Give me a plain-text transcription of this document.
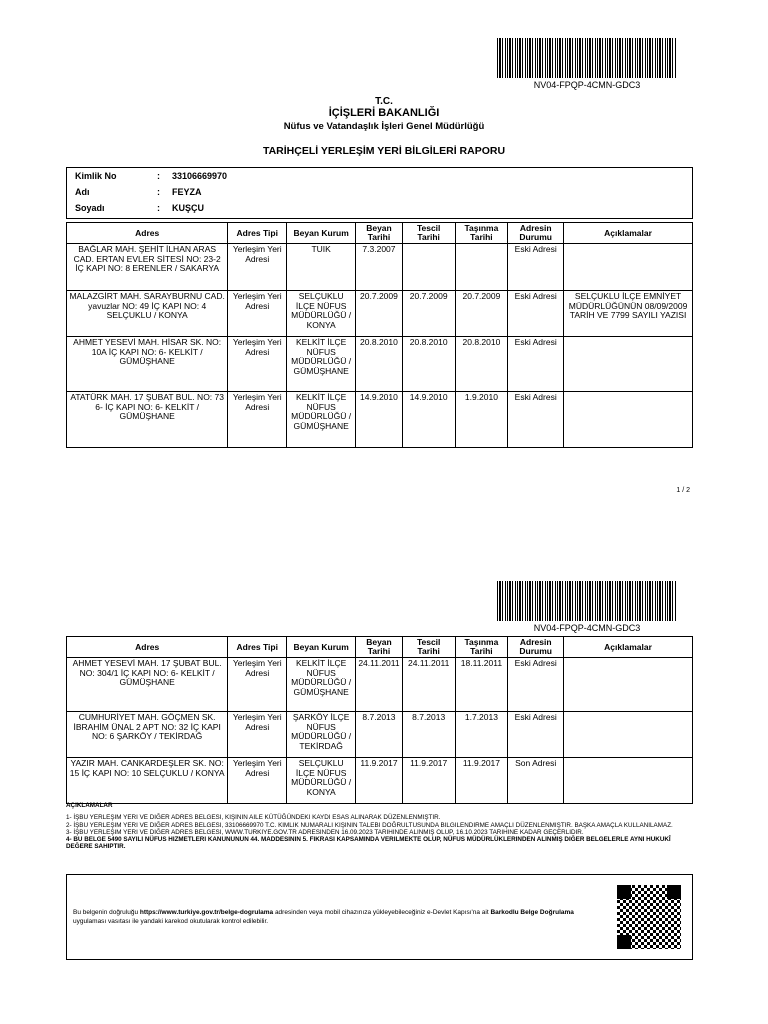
NV04-FPQP-4CMN-GDC3
T.C.
İÇİŞLERİ BAKANLIĞI
Nüfus ve Vatandaşlık İşleri Genel Müdürlüğü
TARİHÇELİ YERLEŞİM YERİ BİLGİLERİ RAPORU
Kimlik No	: 33106669970
Adı	: FEYZA
Soyadı	: KUŞÇU
Adres	Adres Tipi	Beyan Kurum	Beyan Tarihi	Tescil Tarihi	Taşınma Tarihi	Adresin Durumu	Açıklamalar
BAĞLAR MAH. ŞEHİT İLHAN ARAS CAD. ERTAN EVLER SİTESİ NO: 23-2 İÇ KAPI NO: 8 ERENLER / SAKARYA	Yerleşim Yeri Adresi	TUIK	7.3.2007			Eski Adresi	
MALAZGİRT MAH. SARAYBURNU CAD. yavuzlar NO: 49 İÇ KAPI NO: 4 SELÇUKLU / KONYA	Yerleşim Yeri Adresi	SELÇUKLU İLÇE NÜFUS MÜDÜRLÜĞÜ / KONYA	20.7.2009	20.7.2009	20.7.2009	Eski Adresi	SELÇUKLU İLÇE EMNİYET MÜDÜRLÜĞÜNÜN 08/09/2009 TARİH VE 7799 SAYILI YAZISI
AHMET YESEVİ MAH. HİSAR SK. NO: 10A İÇ KAPI NO: 6- KELKİT / GÜMÜŞHANE	Yerleşim Yeri Adresi	KELKİT İLÇE NÜFUS MÜDÜRLÜĞÜ / GÜMÜŞHANE	20.8.2010	20.8.2010	20.8.2010	Eski Adresi	
ATATÜRK MAH. 17 ŞUBAT BUL. NO: 73 6- İÇ KAPI NO: 6- KELKİT / GÜMÜŞHANE	Yerleşim Yeri Adresi	KELKİT İLÇE NÜFUS MÜDÜRLÜĞÜ / GÜMÜŞHANE	14.9.2010	14.9.2010	1.9.2010	Eski Adresi	
1 / 2
NV04-FPQP-4CMN-GDC3
Adres	Adres Tipi	Beyan Kurum	Beyan Tarihi	Tescil Tarihi	Taşınma Tarihi	Adresin Durumu	Açıklamalar
AHMET YESEVİ MAH. 17 ŞUBAT BUL. NO: 304/1 İÇ KAPI NO: 6- KELKİT / GÜMÜŞHANE	Yerleşim Yeri Adresi	KELKİT İLÇE NÜFUS MÜDÜRLÜĞÜ / GÜMÜŞHANE	24.11.2011	24.11.2011	18.11.2011	Eski Adresi	
CUMHURİYET MAH. GÖÇMEN SK. İBRAHİM ÜNAL 2 APT NO: 32 İÇ KAPI NO: 6 ŞARKÖY / TEKİRDAĞ	Yerleşim Yeri Adresi	ŞARKÖY İLÇE NÜFUS MÜDÜRLÜĞÜ / TEKİRDAĞ	8.7.2013	8.7.2013	1.7.2013	Eski Adresi	
YAZIR MAH. CANKARDEŞLER SK. NO: 15 İÇ KAPI NO: 10 SELÇUKLU / KONYA	Yerleşim Yeri Adresi	SELÇUKLU İLÇE NÜFUS MÜDÜRLÜĞÜ / KONYA	11.9.2017	11.9.2017	11.9.2017	Son Adresi	
AÇIKLAMALAR
1- İŞBU YERLEŞIM YERI VE DIĞER ADRES BELGESI, KIŞININ AILE KÜTÜĞÜNDEKI KAYDI ESAS ALINARAK DÜZENLENMIŞTIR.
2- İŞBU YERLEŞIM YERI VE DIĞER ADRES BELGESI, 33106669970 T.C. KIMLIK NUMARALI KIŞININ TALEBI DOĞRULTUSUNDA BILGILENDIRME AMAÇLI DÜZENLENMIŞTIR. BAŞKA AMAÇLA KULLANILAMAZ.
3- İŞBU YERLEŞIM YERI VE DIĞER ADRES BELGESI, WWW.TURKIYE.GOV.TR ADRESINDEN 16.09.2023 TARIHINDE ALINMIŞ OLUP, 16.10.2023 TARIHINE KADAR GEÇERLIDIR.
4- BU BELGE 5490 SAYILI NÜFUS HIZMETLERI KANUNUNUN 44. MADDESININ 5. FIKRASI KAPSAMINDA VERILMEKTE OLUP, NÜFUS MÜDÜRLÜKLERINDEN ALINMIŞ DIĞER BELGELERLE AYNI HUKUKÎ DEĞERE SAHIPTIR.
Bu belgenin doğruluğu https://www.turkiye.gov.tr/belge-dogrulama adresinden veya mobil cihazınıza yükleyebileceğiniz e-Devlet Kapısı'na ait Barkodlu Belge Doğrulama uygulaması vasıtası ile yandaki karekod okutularak kontrol edilebilir.
